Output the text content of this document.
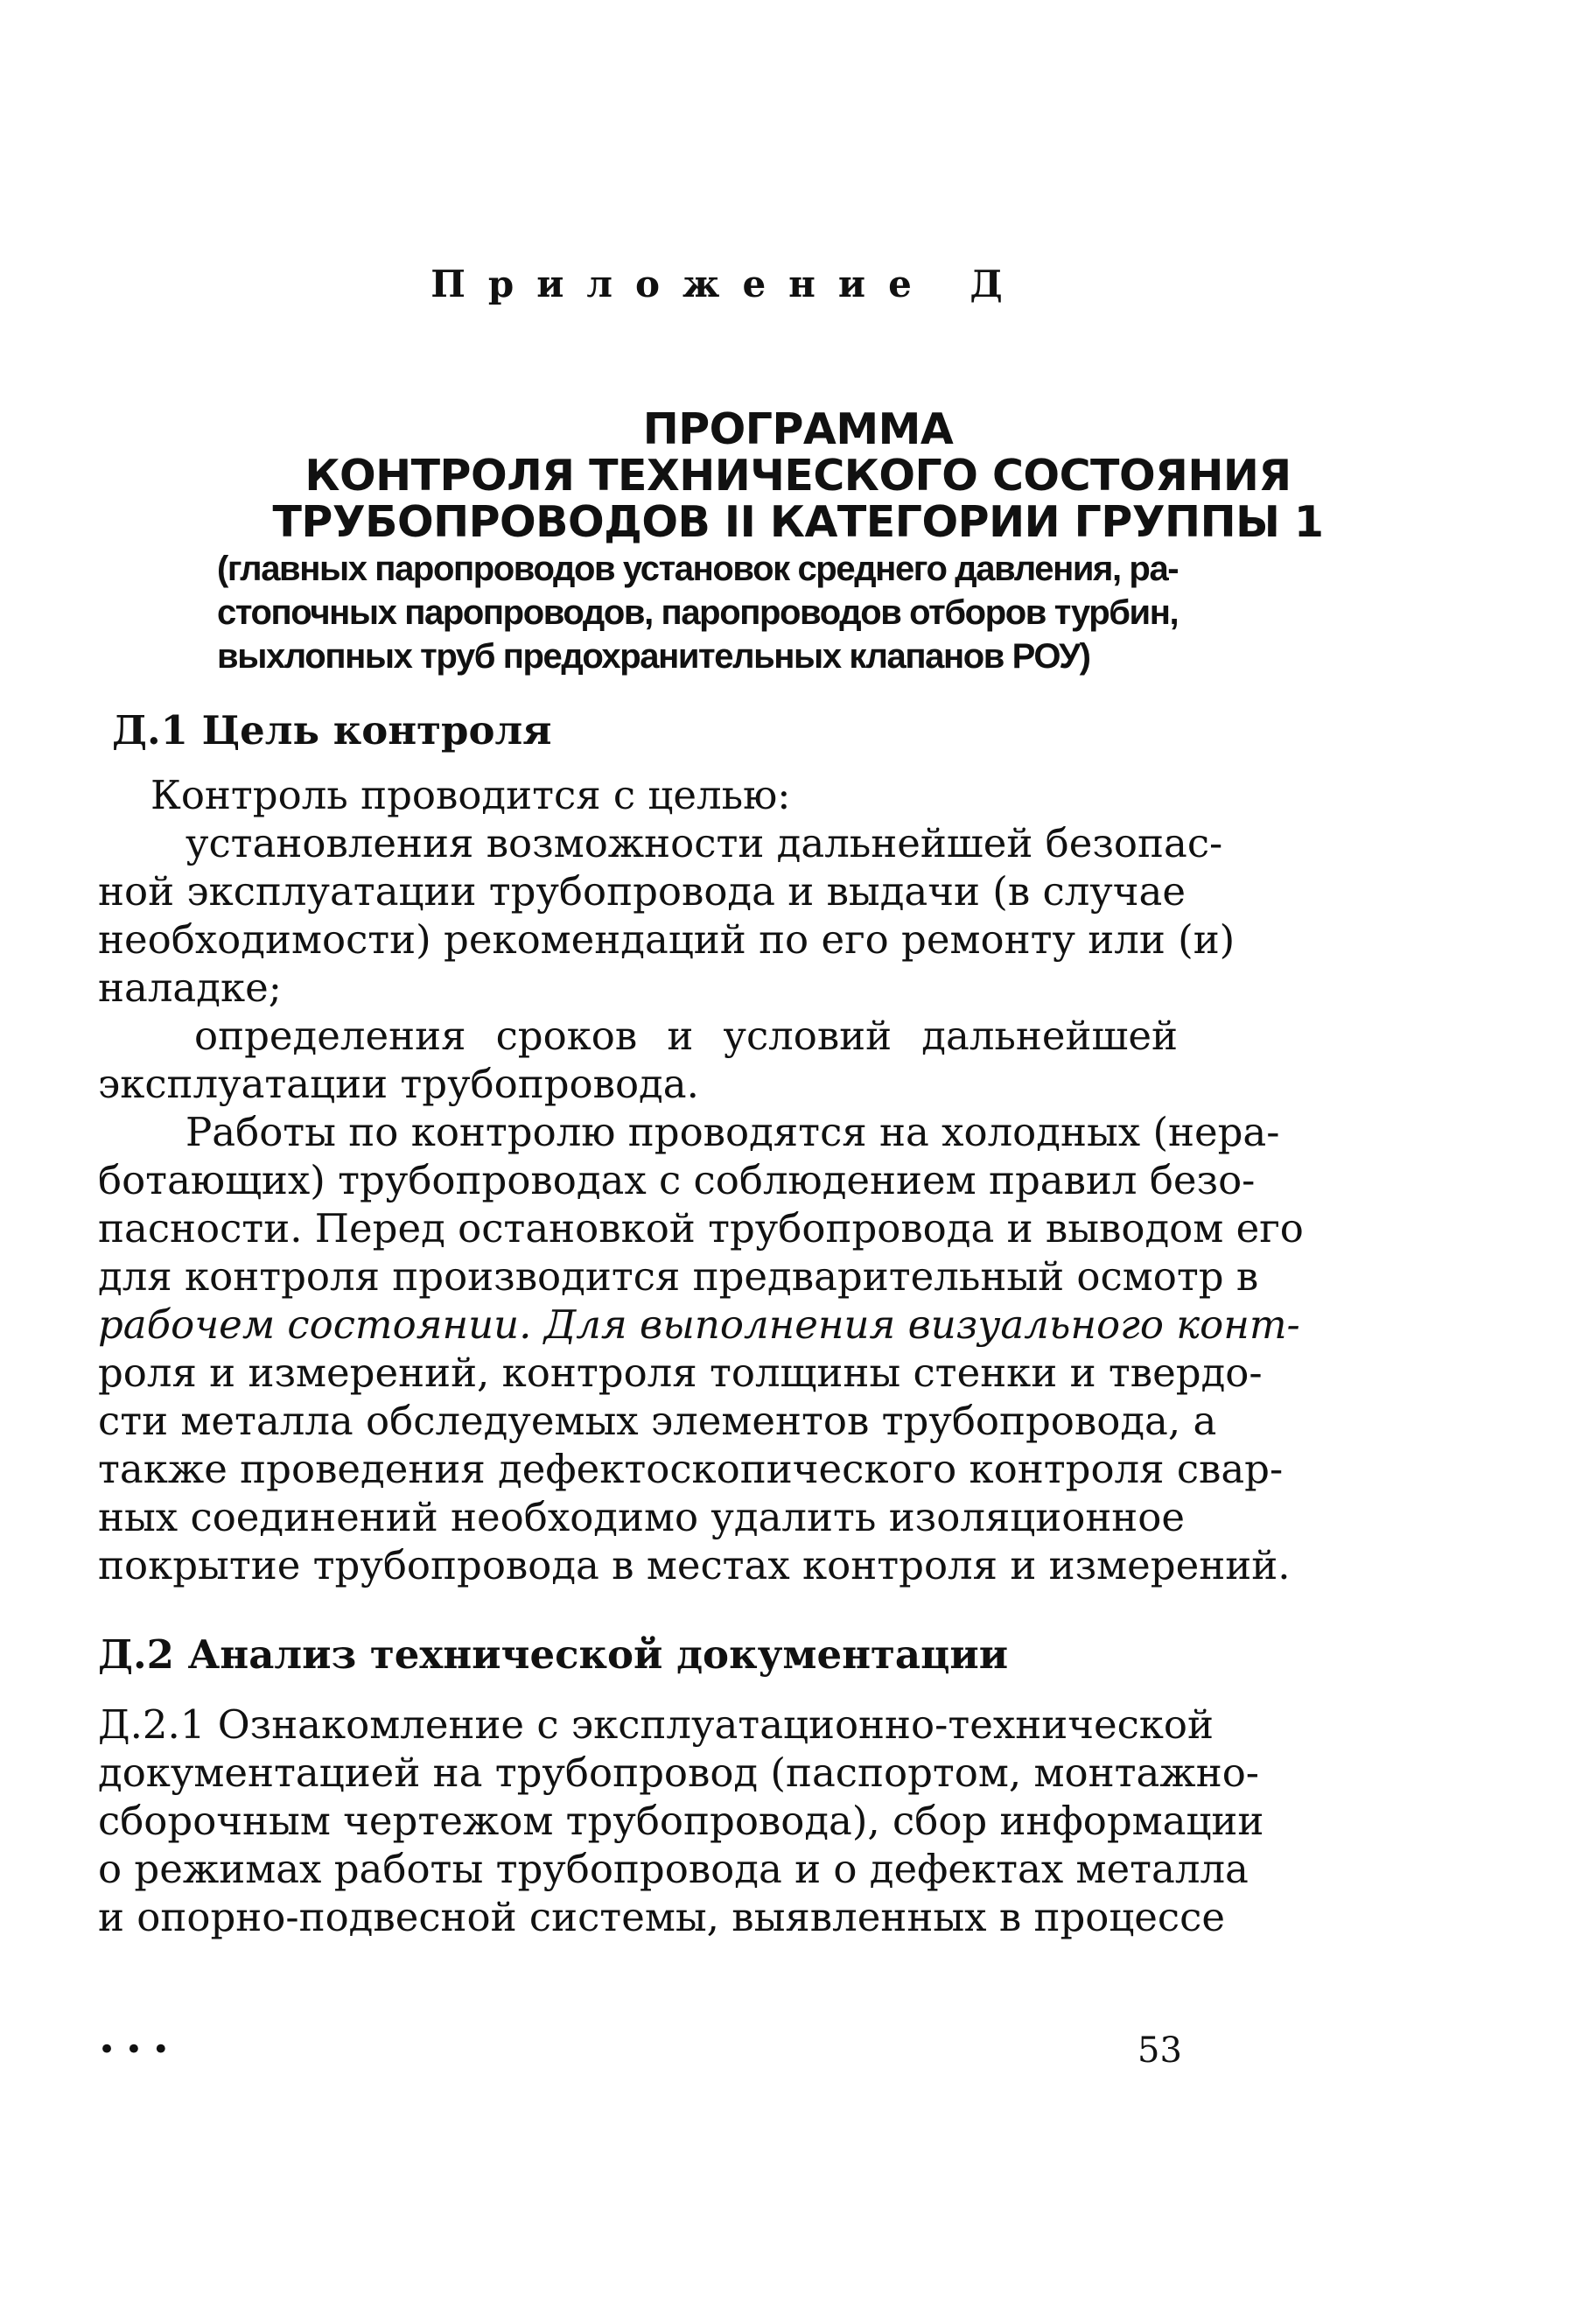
Приложение Д
ПРОГРАММА
КОНТРОЛЯ ТЕХНИЧЕСКОГО СОСТОЯНИЯ
ТРУБОПРОВОДОВ II КАТЕГОРИИ ГРУППЫ 1
(главных паропроводов установок среднего давления, ра-
стопочных паропроводов, паропроводов отборов турбин,
выхлопных труб предохранительных клапанов РОУ)
Д.1 Цель контроля
Контроль проводится с целью:
установления возможности дальнейшей безопас-
ной эксплуатации трубопровода и выдачи (в случае
необходимости) рекомендаций по его ремонту или (и)
наладке;
определения сроков и условий дальнейшей
эксплуатации трубопровода.
Работы по контролю проводятся на холодных (нера-
ботающих) трубопроводах с соблюдением правил безо-
пасности. Перед остановкой трубопровода и выводом его
для контроля производится предварительный осмотр в
рабочем состоянии. Для выполнения визуального конт-
роля и измерений, контроля толщины стенки и твердо-
сти металла обследуемых элементов трубопровода, а
также проведения дефектоскопического контроля свар-
ных соединений необходимо удалить изоляционное
покрытие трубопровода в местах контроля и измерений.
Д.2 Анализ технической документации
Д.2.1 Ознакомление с эксплуатационно-технической
документацией на трубопровод (паспортом, монтажно-
сборочным чертежом трубопровода), сбор информации
о режимах работы трубопровода и о дефектах металла
и опорно-подвесной системы, выявленных в процессе
• • •	53
